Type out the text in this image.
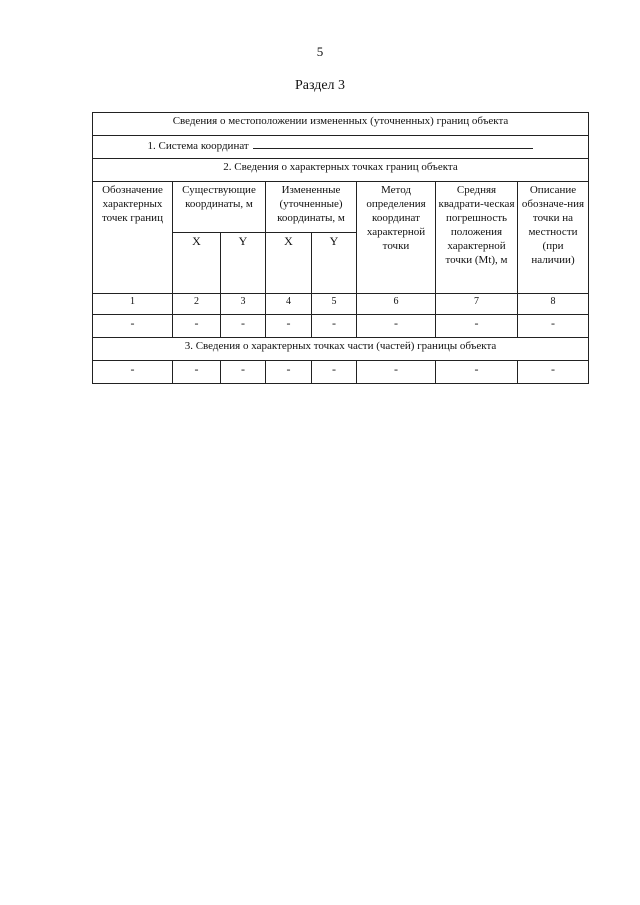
5
Раздел 3
Сведения о местоположении измененных (уточненных) границ объекта							
1. Система координат							
2. Сведения о характерных точках границ объекта							
Обозначение характерных точек границ	Существующие координаты, м		Измененные (уточненные) координаты, м		Метод определения координат характерной точки	Средняя квадрати-ческая погрешность положения характерной точки (Mt), м	Описание обозначе-ния точки на местности (при наличии)
	X	Y	X	Y			
1	2	3	4	5	6	7	8
-	-	-	-	-	-	-	-
3. Сведения о характерных точках части (частей) границы объекта							
-	-	-	-	-	-	-	-
